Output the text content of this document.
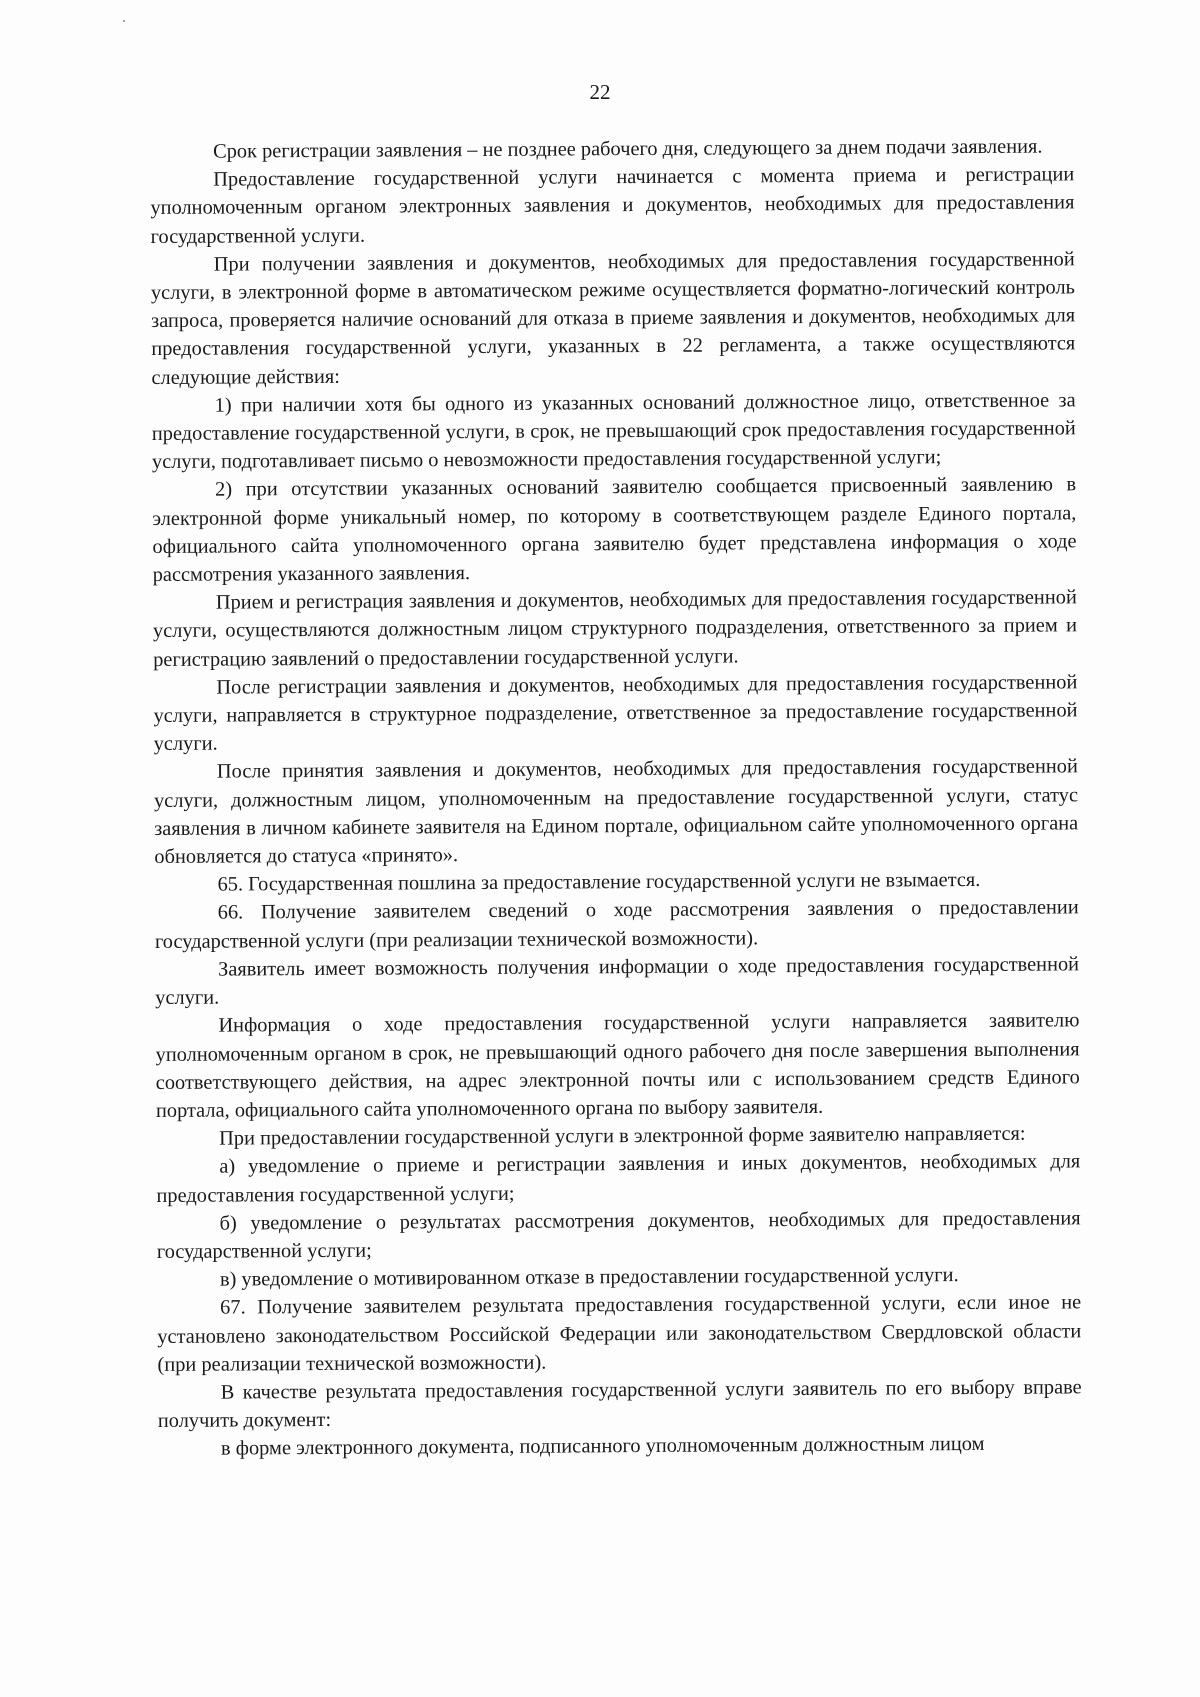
22

Срок регистрации заявления – не позднее рабочего дня, следующего за днем подачи заявления.

Предоставление государственной услуги начинается с момента приема и регистрации уполномоченным органом электронных заявления и документов, необходимых для предоставления государственной услуги.

При получении заявления и документов, необходимых для предоставления государственной услуги, в электронной форме в автоматическом режиме осуществляется форматно-логический контроль запроса, проверяется наличие оснований для отказа в приеме заявления и документов, необходимых для предоставления государственной услуги, указанных в 22 регламента, а также осуществляются следующие действия:

1) при наличии хотя бы одного из указанных оснований должностное лицо, ответственное за предоставление государственной услуги, в срок, не превышающий срок предоставления государственной услуги, подготавливает письмо о невозможности предоставления государственной услуги;

2) при отсутствии указанных оснований заявителю сообщается присвоенный заявлению в электронной форме уникальный номер, по которому в соответствующем разделе Единого портала, официального сайта уполномоченного органа заявителю будет представлена информация о ходе рассмотрения указанного заявления.

Прием и регистрация заявления и документов, необходимых для предоставления государственной услуги, осуществляются должностным лицом структурного подразделения, ответственного за прием и регистрацию заявлений о предоставлении государственной услуги.

После регистрации заявления и документов, необходимых для предоставления государственной услуги, направляется в структурное подразделение, ответственное за предоставление государственной услуги.

После принятия заявления и документов, необходимых для предоставления государственной услуги, должностным лицом, уполномоченным на предоставление государственной услуги, статус заявления в личном кабинете заявителя на Едином портале, официальном сайте уполномоченного органа обновляется до статуса «принято».

65. Государственная пошлина за предоставление государственной услуги не взымается.

66. Получение заявителем сведений о ходе рассмотрения заявления о предоставлении государственной услуги (при реализации технической возможности).

Заявитель имеет возможность получения информации о ходе предоставления государственной услуги.

Информация о ходе предоставления государственной услуги направляется заявителю уполномоченным органом в срок, не превышающий одного рабочего дня после завершения выполнения соответствующего действия, на адрес электронной почты или с использованием средств Единого портала, официального сайта уполномоченного органа по выбору заявителя.

При предоставлении государственной услуги в электронной форме заявителю направляется:

а) уведомление о приеме и регистрации заявления и иных документов, необходимых для предоставления государственной услуги;

б) уведомление о результатах рассмотрения документов, необходимых для предоставления государственной услуги;

в) уведомление о мотивированном отказе в предоставлении государственной услуги.

67. Получение заявителем результата предоставления государственной услуги, если иное не установлено законодательством Российской Федерации или законодательством Свердловской области (при реализации технической возможности).

В качестве результата предоставления государственной услуги заявитель по его выбору вправе получить документ:

в форме электронного документа, подписанного уполномоченным должностным лицом
